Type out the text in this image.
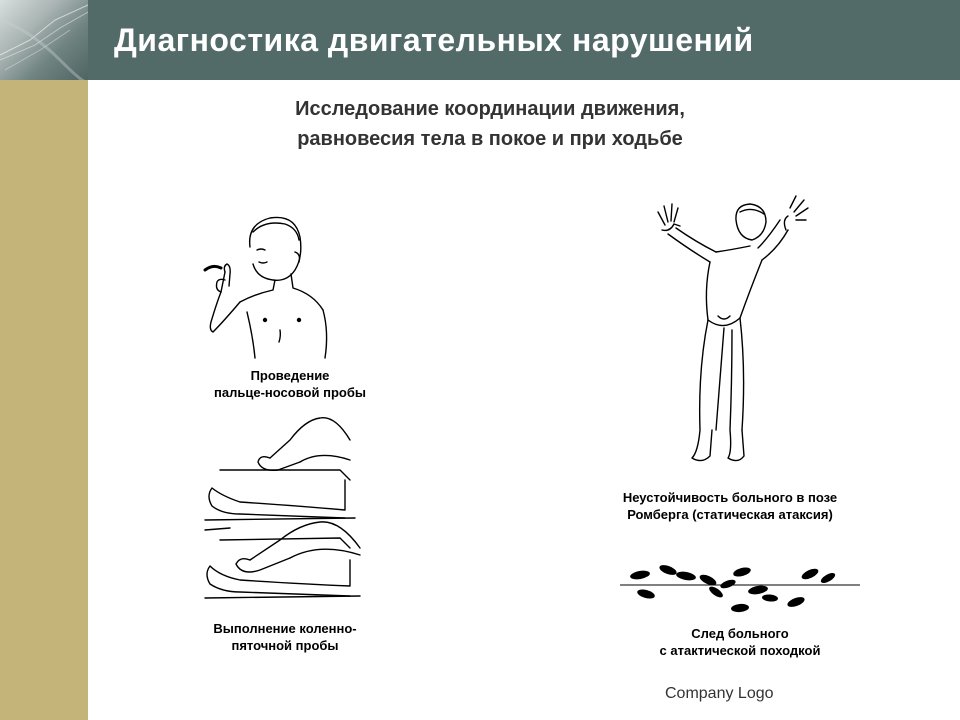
Диагностика двигательных нарушений
Исследование координации движения,
равновесия тела в покое и при ходьбе
Проведение
пальце-носовой пробы
Выполнение коленно-
пяточной пробы
Неустойчивость больного в позе
Ромберга (статическая атаксия)
След больного
с атактической походкой
Company Logo
